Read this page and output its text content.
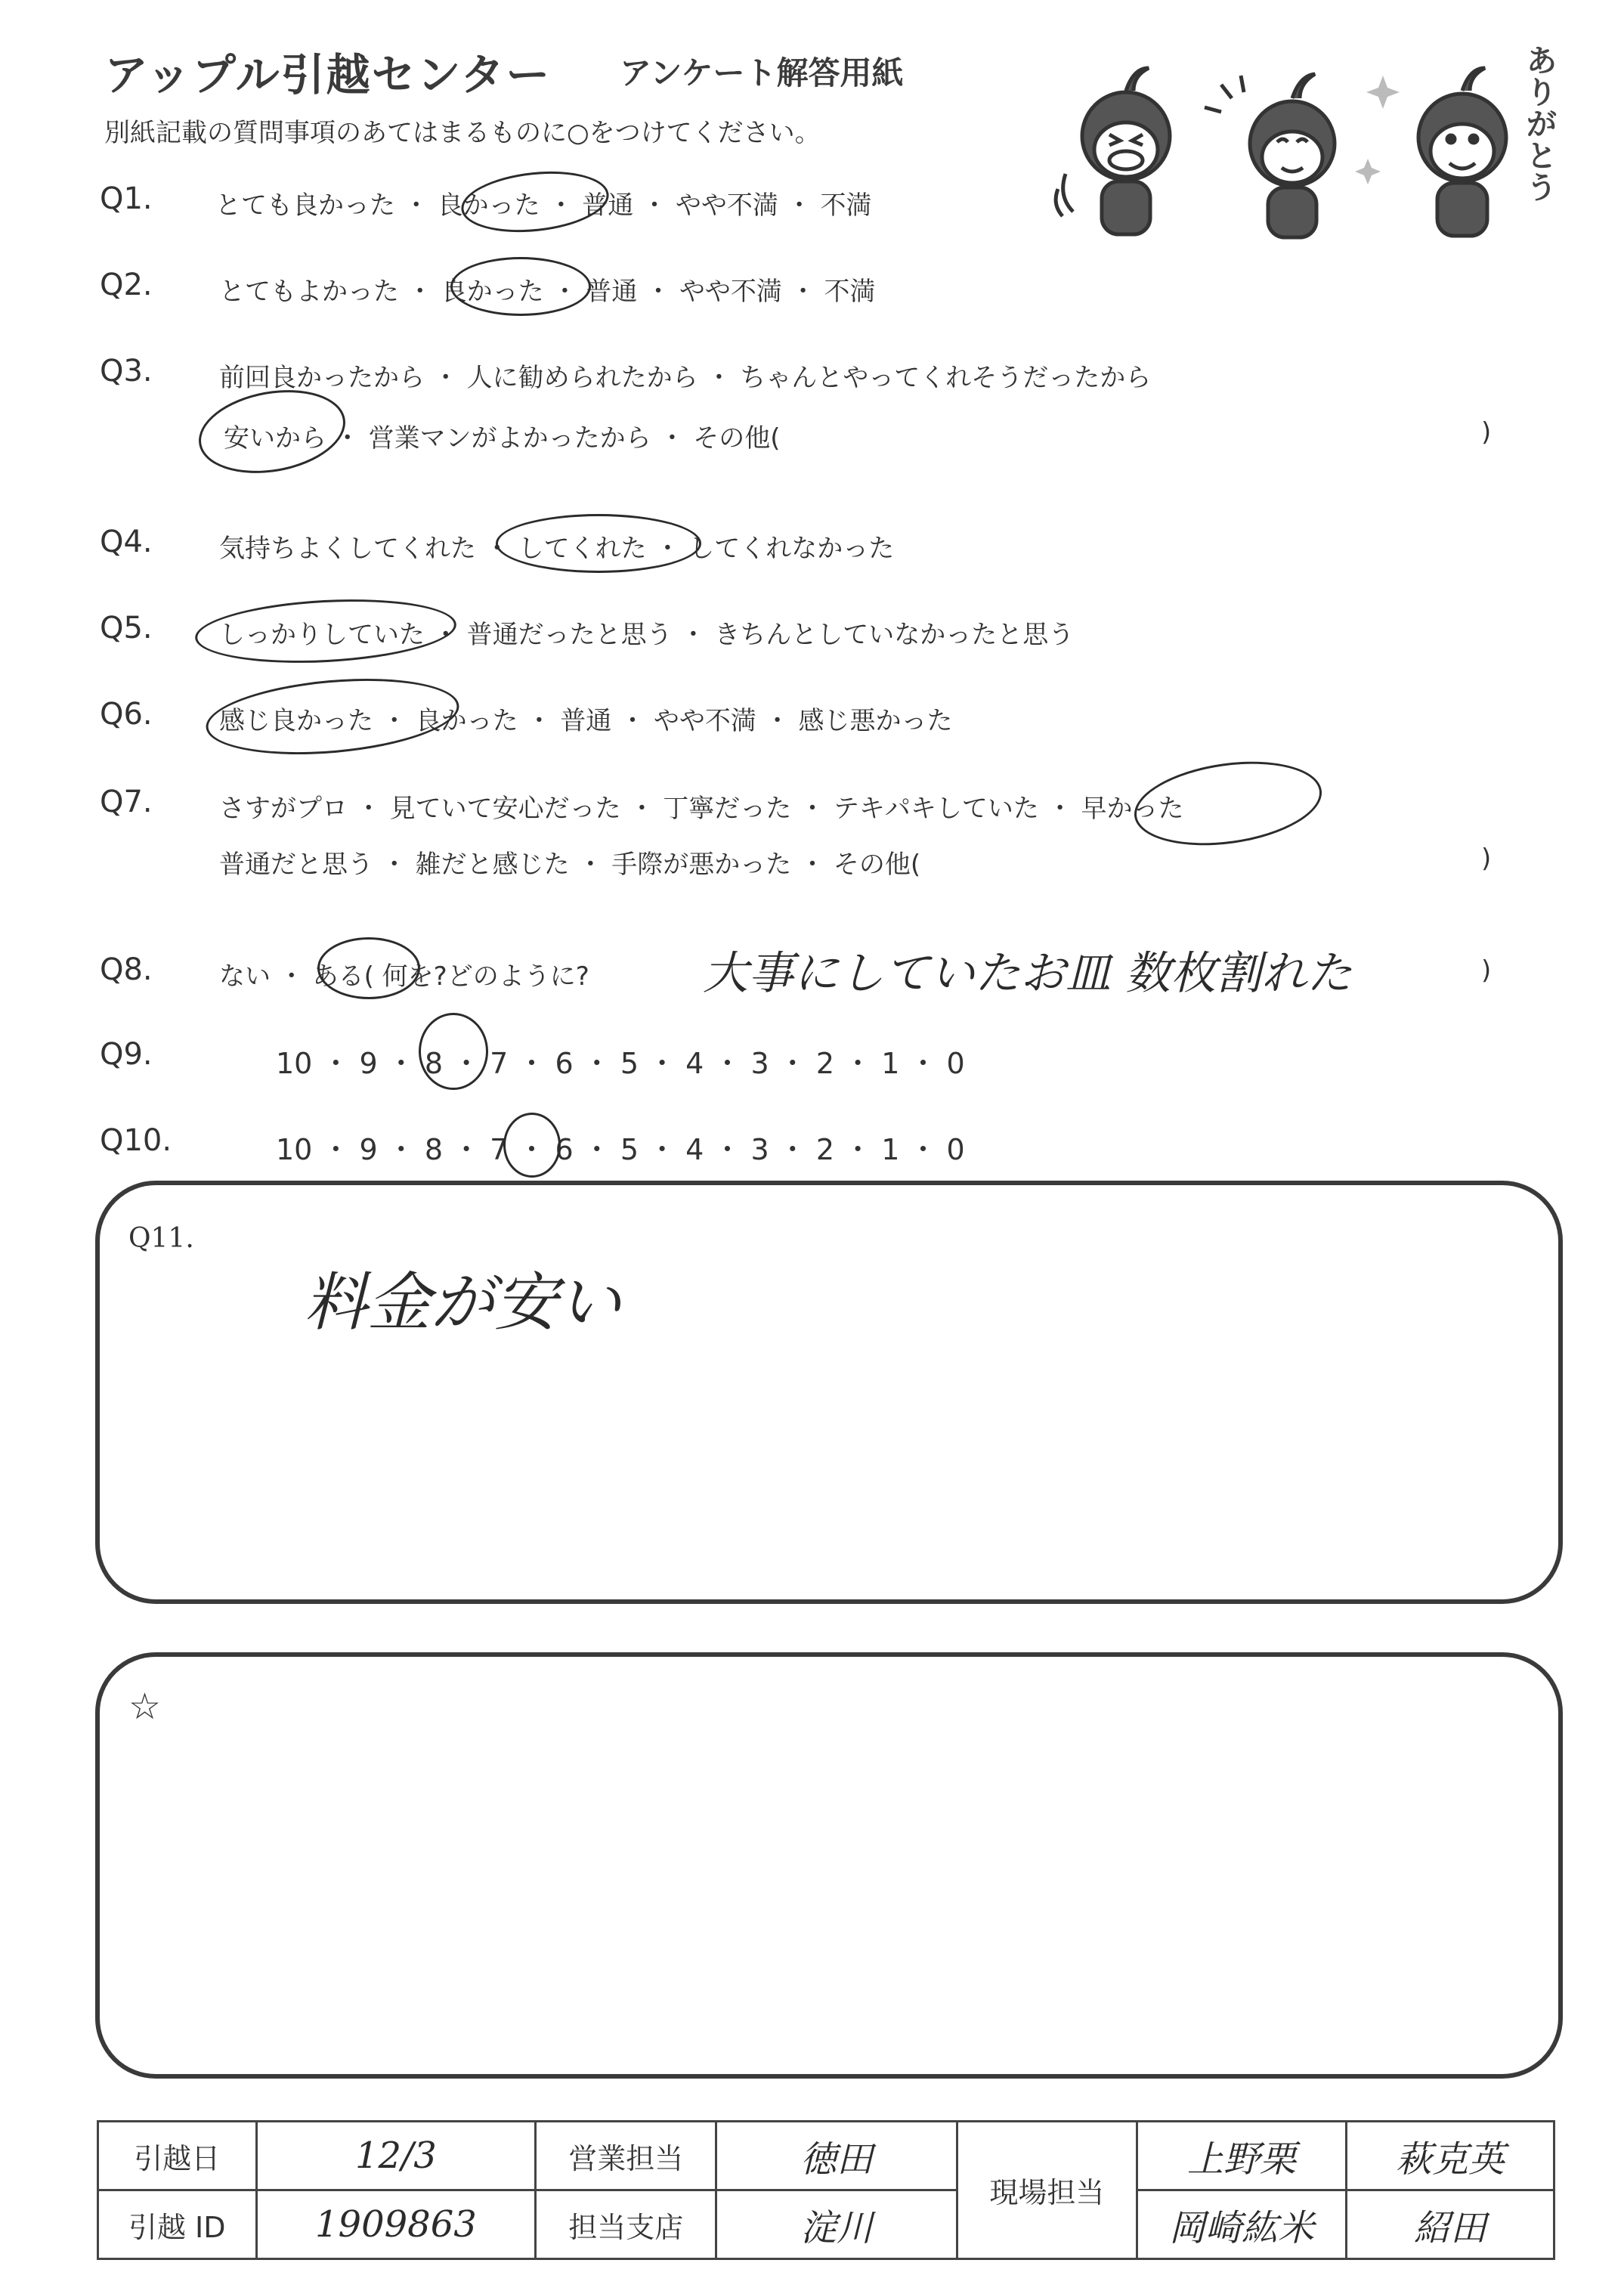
アップル引越センター アンケート解答用紙
別紙記載の質問事項のあてはまるものに○をつけてください。
ありがとう
Q1. とても良かった ・ 良かった ・ 普通 ・ やや不満 ・ 不満
Q2.	とてもよかった ・ 良かった ・ 普通 ・ やや不満 ・ 不満
Q3.	前回良かったから ・ 人に勧められたから ・ ちゃんとやってくれそうだったから
安いから ・ 営業マンがよかったから ・ その他(	)
Q4.	気持ちよくしてくれた ・ してくれた ・ してくれなかった
Q5.	しっかりしていた ・ 普通だったと思う ・ きちんとしていなかったと思う
Q6.	感じ良かった ・ 良かった ・ 普通 ・ やや不満 ・ 感じ悪かった
Q7.	さすがプロ ・ 見ていて安心だった ・ 丁寧だった ・ テキパキしていた ・ 早かった
普通だと思う ・ 雑だと感じた ・ 手際が悪かった ・ その他(	)
Q8.	ない ・ ある( 何を?どのように?	)
大事にしていたお皿 数枚割れた
Q9.	10 ・ 9 ・ 8 ・ 7 ・ 6 ・ 5 ・ 4 ・ 3 ・ 2 ・ 1 ・ 0
Q10.	10 ・ 9 ・ 8 ・ 7 ・ 6 ・ 5 ・ 4 ・ 3 ・ 2 ・ 1 ・ 0
Q11.
料金が安い
☆
引越日	12/3	営業担当	徳田	現場担当	上野栗	萩克英
引越 ID	1909863	担当支店	淀川		岡崎紘米	紹田
